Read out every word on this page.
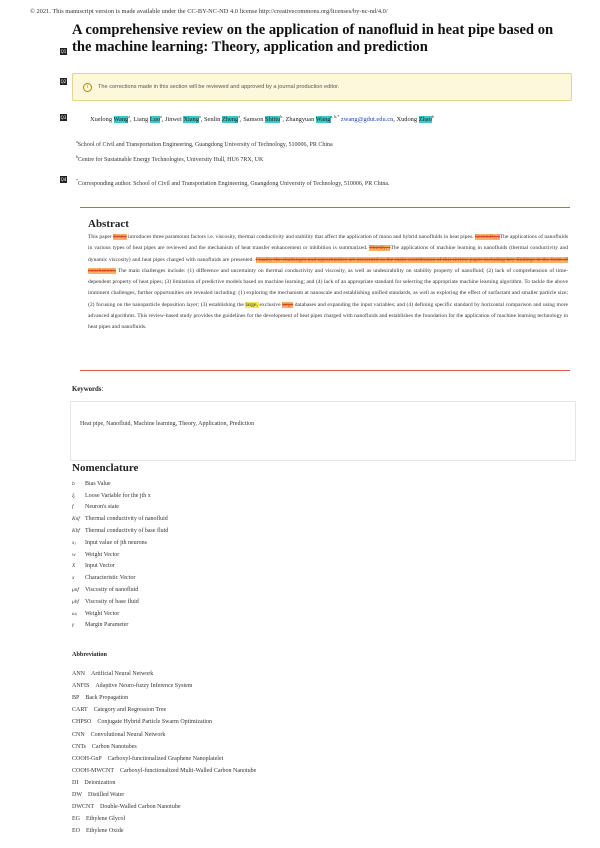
© 2021. This manuscript version is made available under the CC-BY-NC-ND 4.0 license http://creativecommons.org/licenses/by-nc-nd/4.0/
Q1
A comprehensive review on the application of nanofluid in heat pipe based on the machine learning: Theory, application and prediction
Q2
i	The corrections made in this section will be reviewed and approved by a journal production editor.
Q3	Xuelong Wang$^a$, Liang Luo$^a$, Jinwei Xiang$^a$, Senlin Zheng$^a$, Samson Shittu$^b$, Zhangyuan Wang$^{a, b,*}$ zwang@gdut.edu.cn, Xudong Zhao$^b$
$^a$School of Civil and Transportation Engineering, Guangdong University of Technology, 510006, PR China
$^b$Centre for Sustainable Energy Technologies, University Hull, HU6 7RX, UK
Q4 *Corresponding author. School of Civil and Transportation Engineering, Guangdong University of Technology, 510006, PR China.
Abstract
This paper firstly introduces three paramount factors i.e. viscosity, thermal conductivity and stability that affect the application of mono and hybrid nanofluids in heat pipes. Secondly, tThe applications of nanofluids in various types of heat pipes are reviewed and the mechanism of heat transfer enhancement or inhibition is summarized. Thirdly, tThe applications of machine learning in nanofluids (thermal conductivity and dynamic viscosity) and heat pipes charged with nanofluids are presented. Finally, the challenges and opportunities are presented as the main contribution of this review paper including key findings in the form of conclusions. The main challenges include: (1) difference and uncertainty on thermal conductivity and viscosity, as well as undesirability on stability property of nanofluid; (2) lack of comprehension of time-dependent property of heat pipes; (3) limitation of predictive models based on machine learning; and (4) lack of an appropriate standard for selecting the appropriate machine learning algorithm. To tackle the above imminent challenges, further opportunities are revealed including: (1) exploring the mechanism at nanoscale and establishing unified standards, as well as exploring the effect of surfactant and smaller particle size; (2) focusing on the nanoparticle deposition layer; (3) establishing the large, exclusive large databases and expanding the input variables; and (4) defining specific standard by horizontal comparison and using more advanced algorithms. This review-based study provides the guidelines for the development of heat pipes charged with nanofluids and establishes the foundation for the application of machine learning technology in heat pipes and nanofluids.
Keywords:
Heat pipe, Nanofluid, Machine learning, Theory, Application, Prediction
Nomenclature
b	Bias Value
ξᵢ	Loose Variable for the jth x
f	Neuron's state
Knf Thermal conductivity of nanofluid
Kbf Thermal conductivity of base fluid
xⱼ	Input value of jth neurons
w	Weight Vector
X	Input Vector
x	Characteristic Vector
μnf	Viscosity of nanofluid
μbf	Viscosity of base fluid
ωⱼ	Weight Vector
γ	Margin Parameter
Abbreviation
ANN Artificial Neural Network
ANFIS Adaptive Neuro-fuzzy Inference System
BP Back Propagation
CART Category and Regression Tree
CHPSO Conjugate Hybrid Particle Swarm Optimization
CNN Convolutional Neural Network
CNTs Carbon Nanotubes
COOH-GnP Carboxyl-functionalized Graphene Nanoplatelet
COOH-MWCNT Carboxyl-functionalized Multi-Walled Carbon Nanotube
DI Deionization
DW Distilled Water
DWCNT Double-Walled Carbon Nanotube
EG Ethylene Glycol
EO Ethylene Oxide
